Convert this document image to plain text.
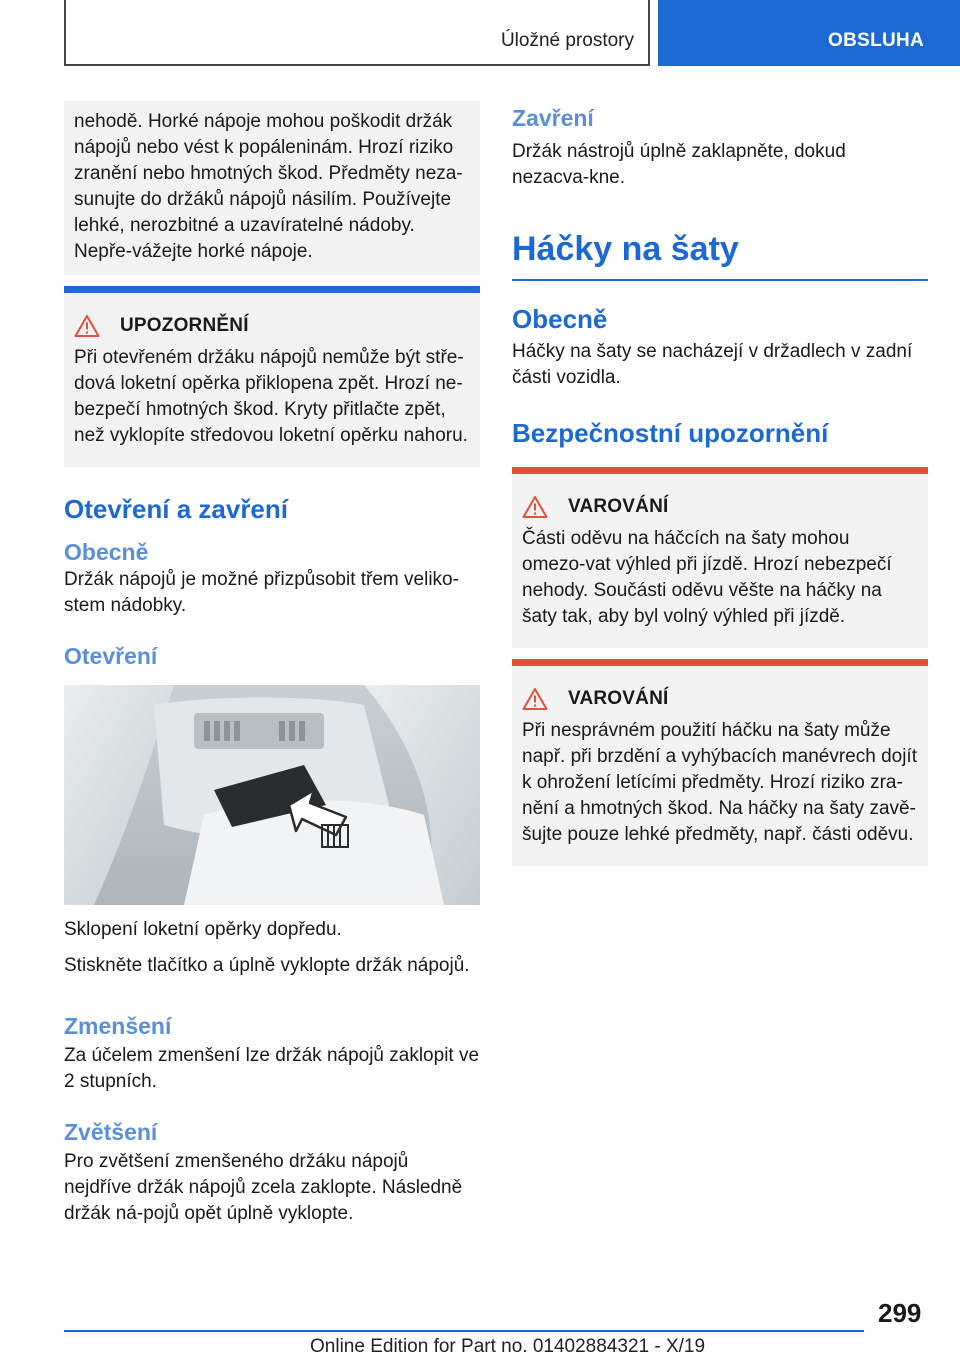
Úložné prostory	OBSLUHA

nehodě. Horké nápoje mohou poškodit držák nápojů nebo vést k popáleninám. Hrozí riziko zranění nebo hmotných škod. Předměty neza-sunujte do držáků nápojů násilím. Používejte lehké, nerozbitné a uzavíratelné nádoby. Nepře-vážejte horké nápoje.

UPOZORNĚNÍ

Při otevřeném držáku nápojů nemůže být stře-dová loketní opěrka přiklopena zpět. Hrozí ne-bezpečí hmotných škod. Kryty přitlačte zpět, než vyklopíte středovou loketní opěrku nahoru.

Otevření a zavření
Obecně

Držák nápojů je možné přizpůsobit třem veliko-stem nádobky.

Otevření

Sklopení loketní opěrky dopředu.

Stiskněte tlačítko a úplně vyklopte držák nápojů.

Zmenšení

Za účelem zmenšení lze držák nápojů zaklopit ve 2 stupních.

Zvětšení

Pro zvětšení zmenšeného držáku nápojů nejdříve držák nápojů zcela zaklopte. Následně držák ná-pojů opět úplně vyklopte.

Zavření

Držák nástrojů úplně zaklapněte, dokud nezacva-kne.

Háčky na šaty
Obecně

Háčky na šaty se nacházejí v držadlech v zadní části vozidla.

Bezpečnostní upozornění
VAROVÁNÍ

Části oděvu na háčcích na šaty mohou omezo-vat výhled při jízdě. Hrozí nebezpečí nehody. Součásti oděvu věšte na háčky na šaty tak, aby byl volný výhled při jízdě.

VAROVÁNÍ

Při nesprávném použití háčku na šaty může např. při brzdění a vyhýbacích manévrech dojít k ohrožení letícími předměty. Hrozí riziko zra-nění a hmotných škod. Na háčky na šaty zavě-šujte pouze lehké předměty, např. části oděvu.

299
Online Edition for Part no. 01402884321 - X/19
